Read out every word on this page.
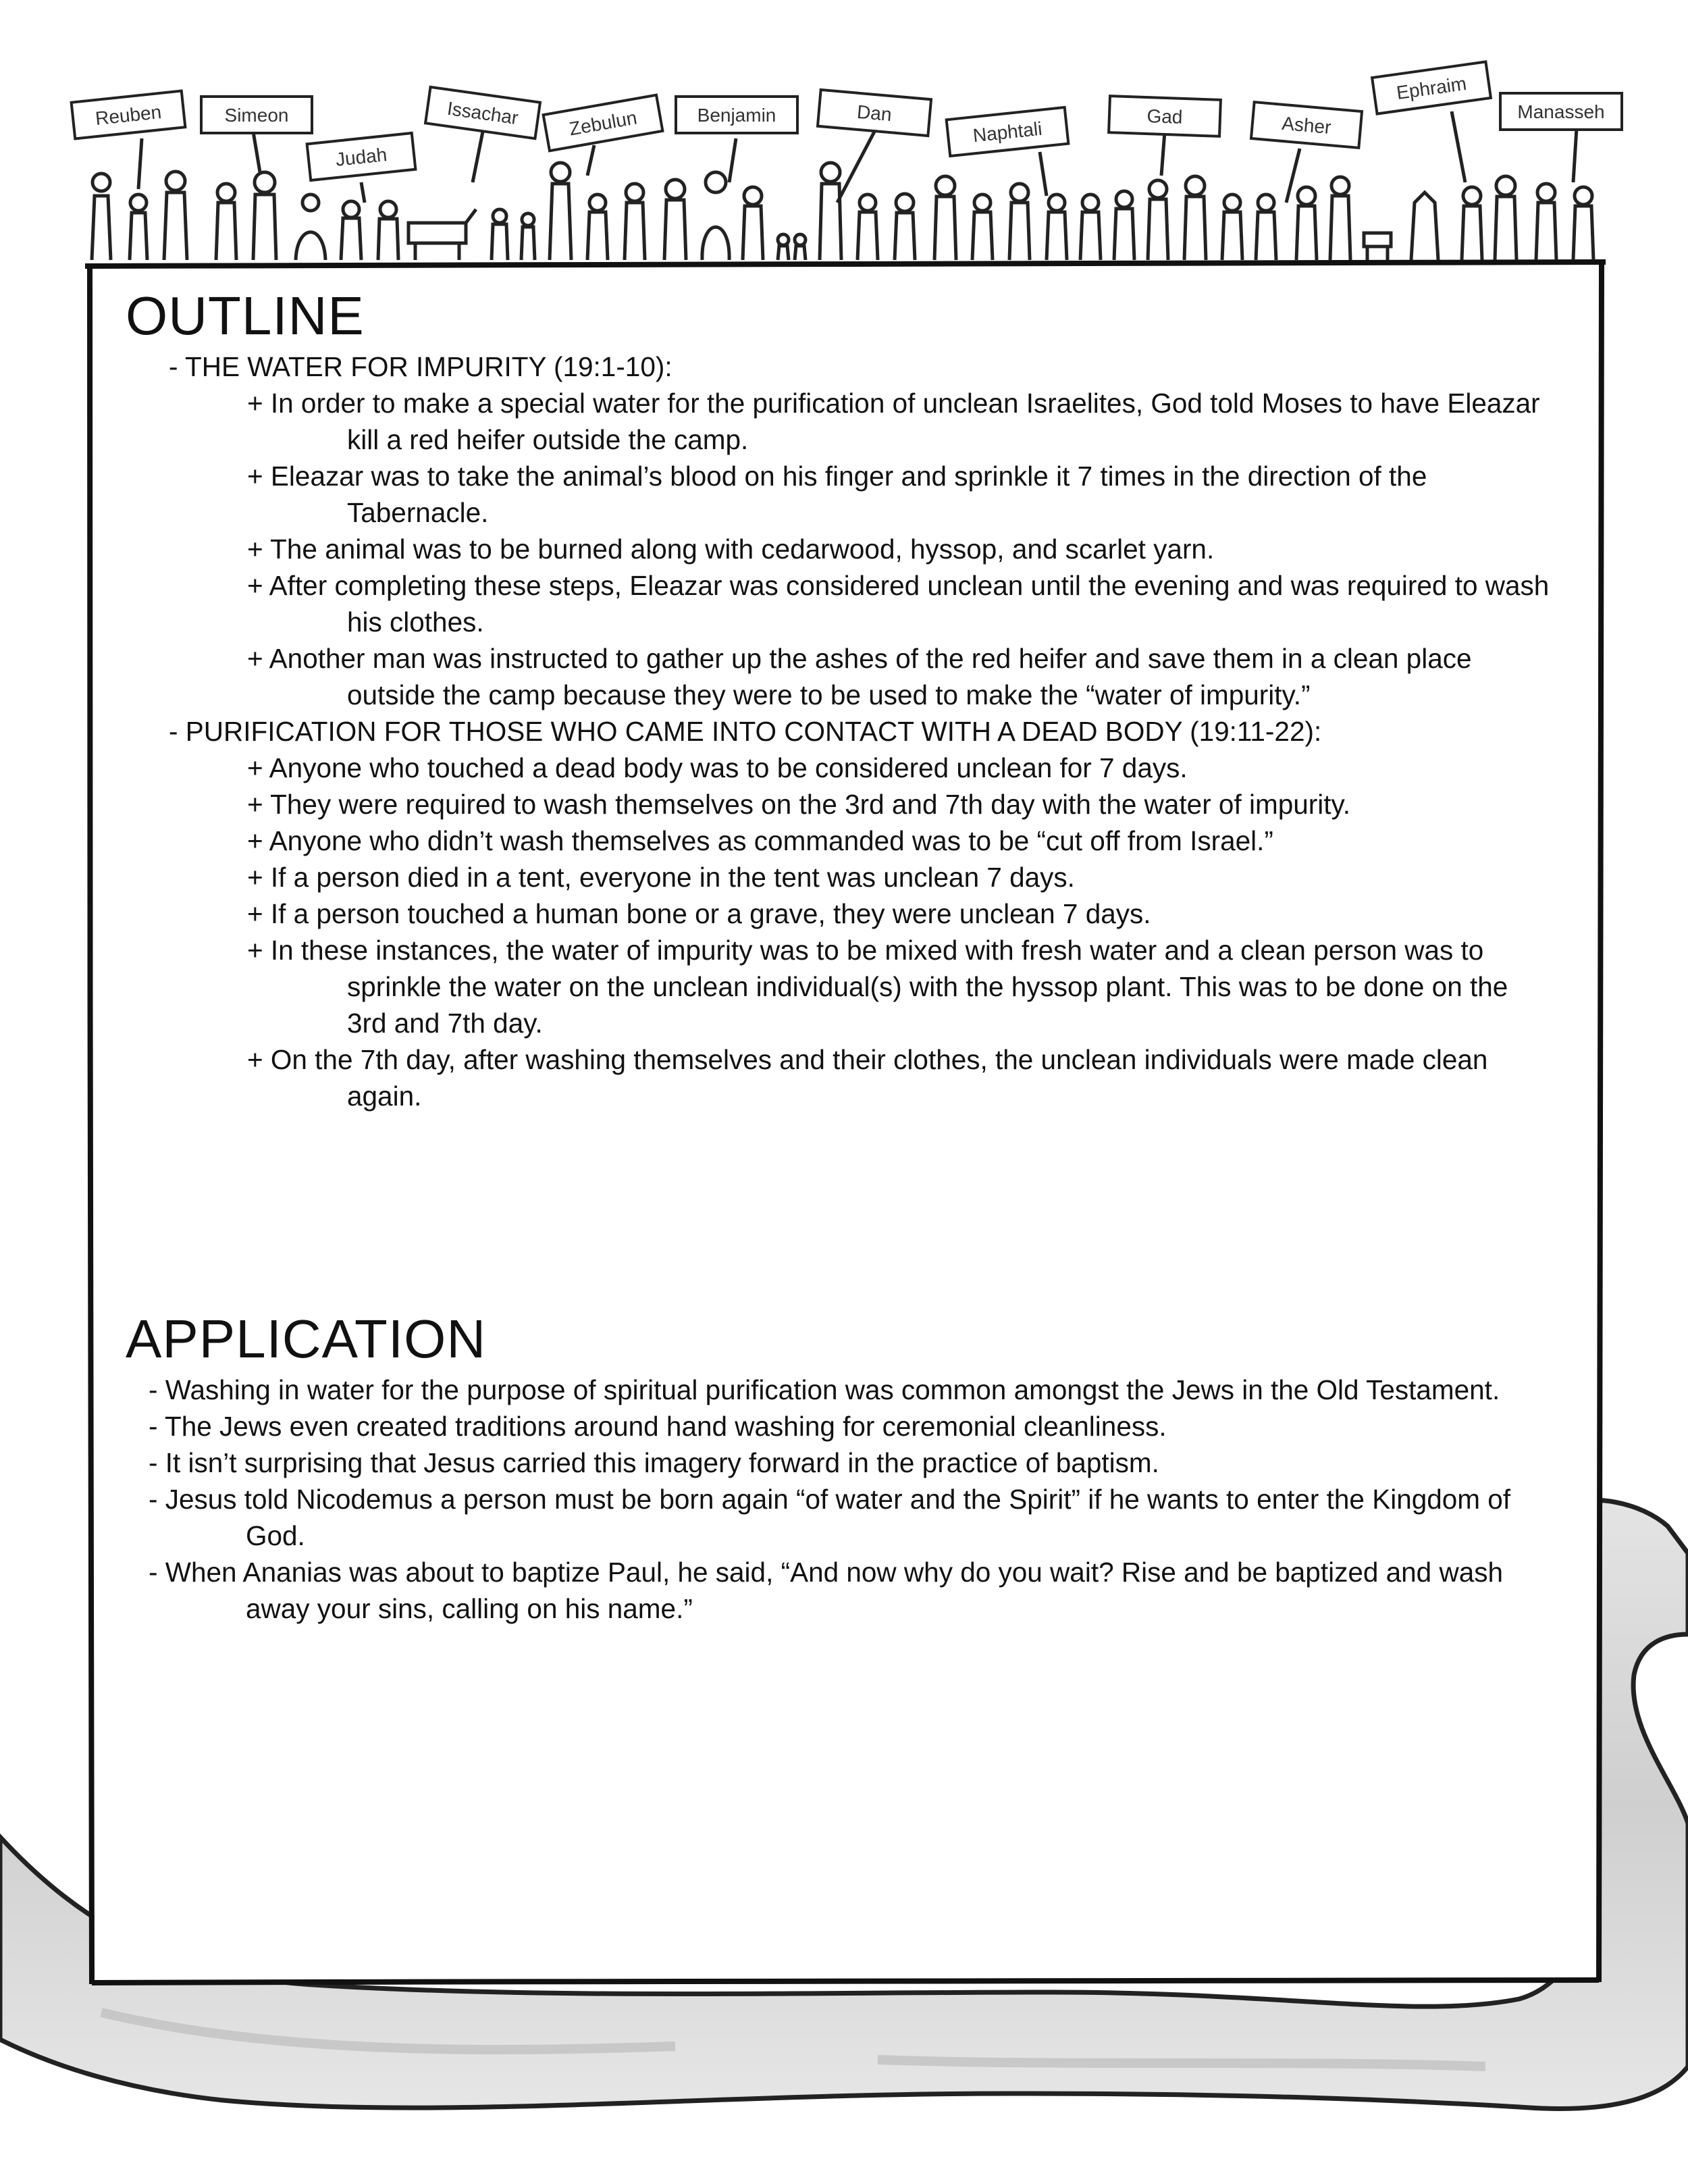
Reuben	Simeon
Judah
Issachar	Zebulun	Benjamin	Dan
Naphtali
Gad	Asher
Ephraim
Manasseh
OUTLINE
- THE WATER FOR IMPURITY (19:1-10):
+ In order to make a special water for the purification of unclean Israelites, God told Moses to have Eleazar kill a red heifer outside the camp.
+ Eleazar was to take the animal’s blood on his finger and sprinkle it 7 times in the direction of the Tabernacle.
+ The animal was to be burned along with cedarwood, hyssop, and scarlet yarn.
+ After completing these steps, Eleazar was considered unclean until the evening and was required to wash his clothes.
+ Another man was instructed to gather up the ashes of the red heifer and save them in a clean place outside the camp because they were to be used to make the “water of impurity.”
- PURIFICATION FOR THOSE WHO CAME INTO CONTACT WITH A DEAD BODY (19:11-22):
+ Anyone who touched a dead body was to be considered unclean for 7 days.
+ They were required to wash themselves on the 3rd and 7th day with the water of impurity.
+ Anyone who didn’t wash themselves as commanded was to be “cut off from Israel.”
+ If a person died in a tent, everyone in the tent was unclean 7 days.
+ If a person touched a human bone or a grave, they were unclean 7 days.
+ In these instances, the water of impurity was to be mixed with fresh water and a clean person was to sprinkle the water on the unclean individual(s) with the hyssop plant. This was to be done on the 3rd and 7th day.
+ On the 7th day, after washing themselves and their clothes, the unclean individuals were made clean again.
APPLICATION
- Washing in water for the purpose of spiritual purification was common amongst the Jews in the Old Testament.
- The Jews even created traditions around hand washing for ceremonial cleanliness.
- It isn’t surprising that Jesus carried this imagery forward in the practice of baptism.
- Jesus told Nicodemus a person must be born again “of water and the Spirit” if he wants to enter the Kingdom of God.
- When Ananias was about to baptize Paul, he said, “And now why do you wait? Rise and be baptized and wash away your sins, calling on his name.”
